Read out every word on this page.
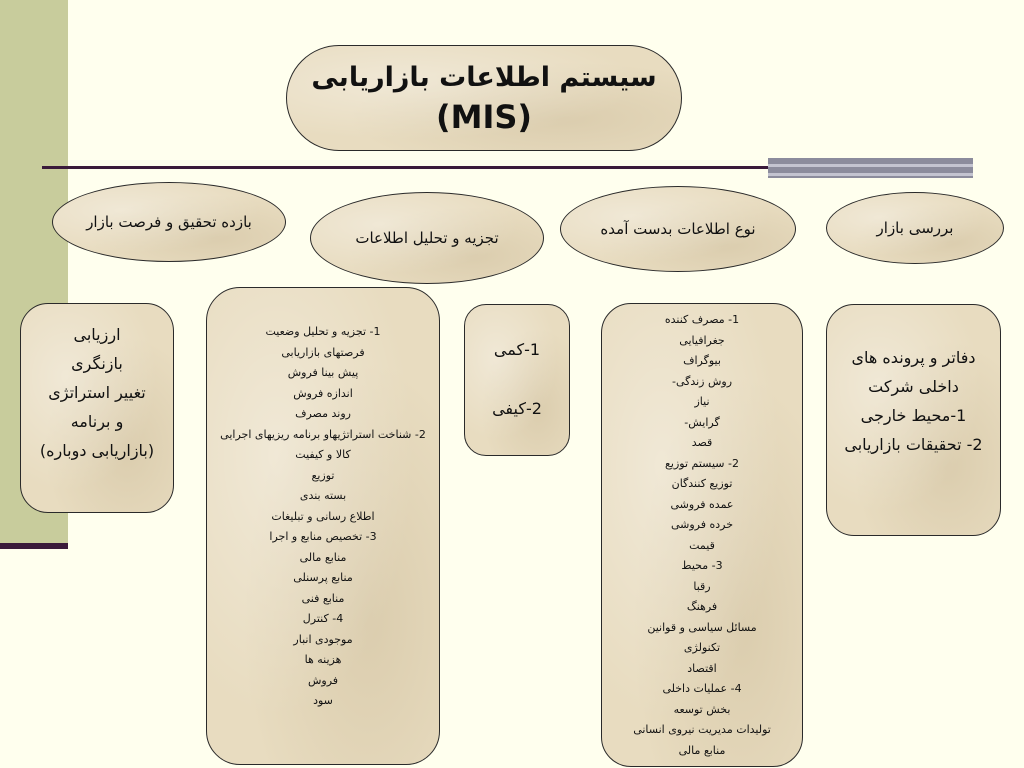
سیستم اطلاعات بازاریابی
(MIS)
بررسی بازار
نوع اطلاعات بدست آمده
تجزیه و تحلیل اطلاعات
بازده تحقیق و فرصت بازار
دفاتر و پرونده های
داخلی شرکت
1-محیط خارجی
2- تحقیقات بازاریابی
1- مصرف کننده
جغرافیایی
بیوگراف
روش زندگی-
نیاز
گرایش-
قصد
2- سیستم توزیع
توزیع کنندگان
عمده فروشی
خرده فروشی
قیمت
3- محیط
رقبا
فرهنگ
مسائل سیاسی و قوانین
تکنولژی
اقتصاد
4- عملیات داخلی
بخش توسعه
تولیدات مدیریت نیروی انسانی
منابع مالی
1-کمی
2-کیفی
1- تجزیه و تحلیل وضعیت
فرصتهای بازاریابی
پیش بینا فروش
اندازه فروش
روند مصرف
2- شناخت استراتژیهاو برنامه ریزیهای اجرایی
کالا و کیفیت
توزیع
بسته بندی
اطلاع رسانی و تبلیغات
3- تخصیص منابع و اجرا
منابع مالی
منابع پرسنلی
منابع فنی
4- کنترل
موجودی انبار
هزینه ها
فروش
سود
ارزیابی
بازنگری
تغییر استراتژی
و برنامه
(بازاریابی دوباره)
